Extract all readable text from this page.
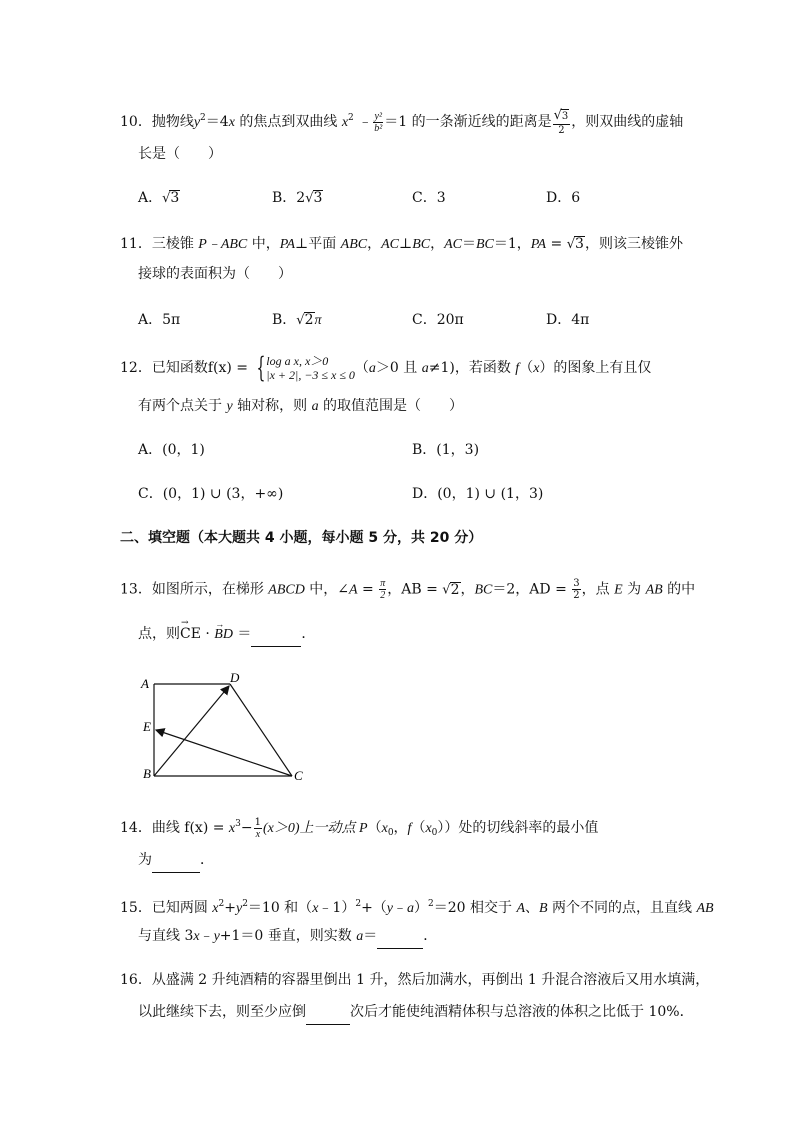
10．抛物线$y^2=4x$ 的焦点到双曲线 $x^2$ ﹣ $\frac{\text{y²}}{\text{b²}} =1$ 的一条渐近线的距离是 $\frac{√3}{2}$ ，则双曲线的虚轴
长是（　　）
A．√3	B．2√3	C．3	D．6
11．三棱锥 P﹣ABC 中，PA⊥平面 ABC，AC⊥BC，AC＝BC＝1，PA = √3，则该三棱锥外
接球的表面积为（　　）
A．5π	B．√2π	C．20π	D．4π
12．已知函数f(x) = { log a x, x＞0
|x + 2|, −3 ≤ x ≤ 0 （a＞0 且 a≠1)，若函数 f（x）的图象上有且仅
有两个点关于 y 轴对称，则 a 的取值范围是（　　）
A．(0，1)	B．(1，3)
C．(0，1) ∪ (3，+∞)	D．(0，1) ∪ (1，3)
二、填空题（本大题共 4 小题，每小题 5 分，共 20 分）
13．如图所示，在梯形 ABCD 中，∠A = $\frac{\pi}{2}$ ，AB = √2，BC＝2，AD = $\frac{3}{2}$ ，点 E 为 AB 的中
点，则→ CE · → BD ＝	．
A	D
E
B	C
14．曲线 $f(x) = x^3- \frac{1}{x} (x>0)$上一动点 $P(x_0$，$f(x_0)$）处的切线斜率的最小值
为	．
15．已知两圆 $x^2+y^2=10$ 和（x﹣1）$^2$+（y﹣a）$^2$＝20 相交于 A、B 两个不同的点，且直线 AB
与直线 3x﹣y+1＝0 垂直，则实数 a＝	．
16．从盛满 2 升纯酒精的容器里倒出 1 升，然后加满水，再倒出 1 升混合溶液后又用水填满，
以此继续下去，则至少应倒	次后才能使纯酒精体积与总溶液的体积之比低于 10%．
